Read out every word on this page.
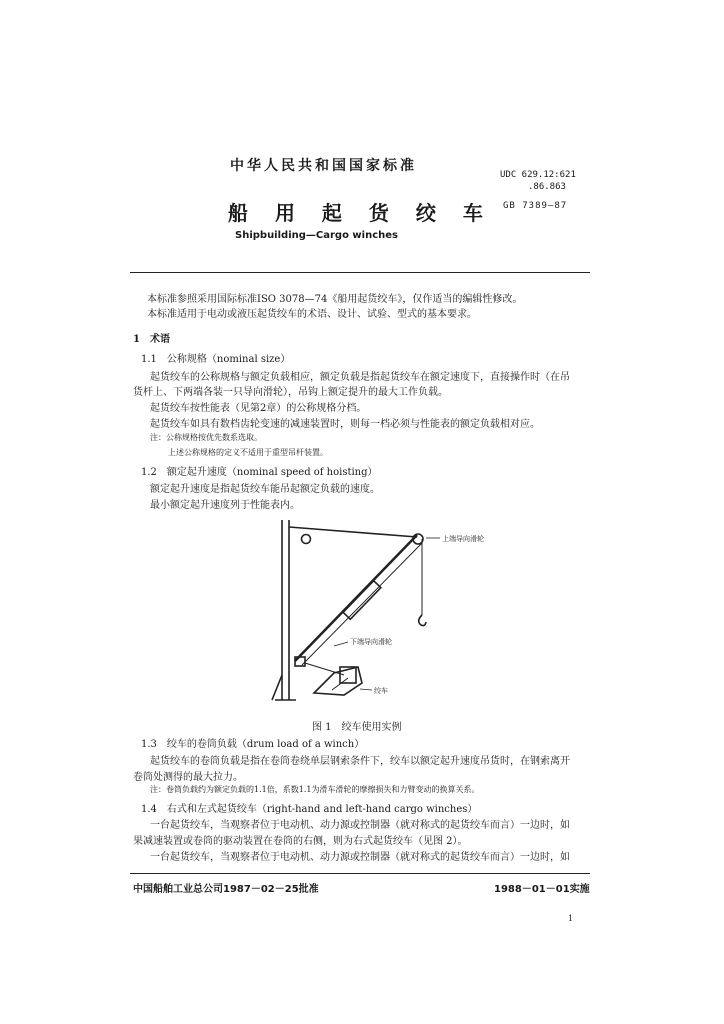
中华人民共和国国家标准
UDC 629.12:621
.86.863
GB 7389—87
船 用 起 货 绞 车
Shipbuilding—Cargo winches
本标准参照采用国际标准ISO 3078—74《船用起货绞车》，仅作适当的编辑性修改。
本标准适用于电动或液压起货绞车的术语、设计、试验、型式的基本要求。
1　术语
1.1　公称规格（nominal size）
起货绞车的公称规格与额定负载相应，额定负载是指起货绞车在额定速度下，直接操作时（在吊
货杆上、下两端各装一只导向滑轮），吊钩上额定提升的最大工作负载。
起货绞车按性能表（见第2章）的公称规格分档。
起货绞车如具有数档齿轮变速的减速装置时，则每一档必须与性能表的额定负载相对应。
注：公称规格按优先数系选取。
上述公称规格的定义不适用于重型吊杆装置。
1.2　额定起升速度（nominal speed of hoisting）
额定起升速度是指起货绞车能吊起额定负载的速度。
最小额定起升速度列于性能表内。
上端导向滑轮
下端导向滑轮
绞车
图 1　绞车使用实例
1.3　绞车的卷筒负载（drum load of a winch）
起货绞车的卷筒负载是指在卷筒卷绕单层钢索条件下，绞车以额定起升速度吊货时，在钢索离开
卷筒处测得的最大拉力。
注：卷筒负载约为额定负载的1.1倍，系数1.1为滑车滑轮的摩擦损失和力臂变动的换算关系。
1.4　右式和左式起货绞车（right-hand and left-hand cargo winches）
一台起货绞车，当观察者位于电动机、动力源或控制器（就对称式的起货绞车而言）一边时，如
果减速装置或卷筒的驱动装置在卷筒的右侧，则为右式起货绞车（见图 2）。
一台起货绞车，当观察者位于电动机、动力源或控制器（就对称式的起货绞车而言）一边时，如
中国船舶工业总公司1987－02－25批准	1988－01－01实施
1
